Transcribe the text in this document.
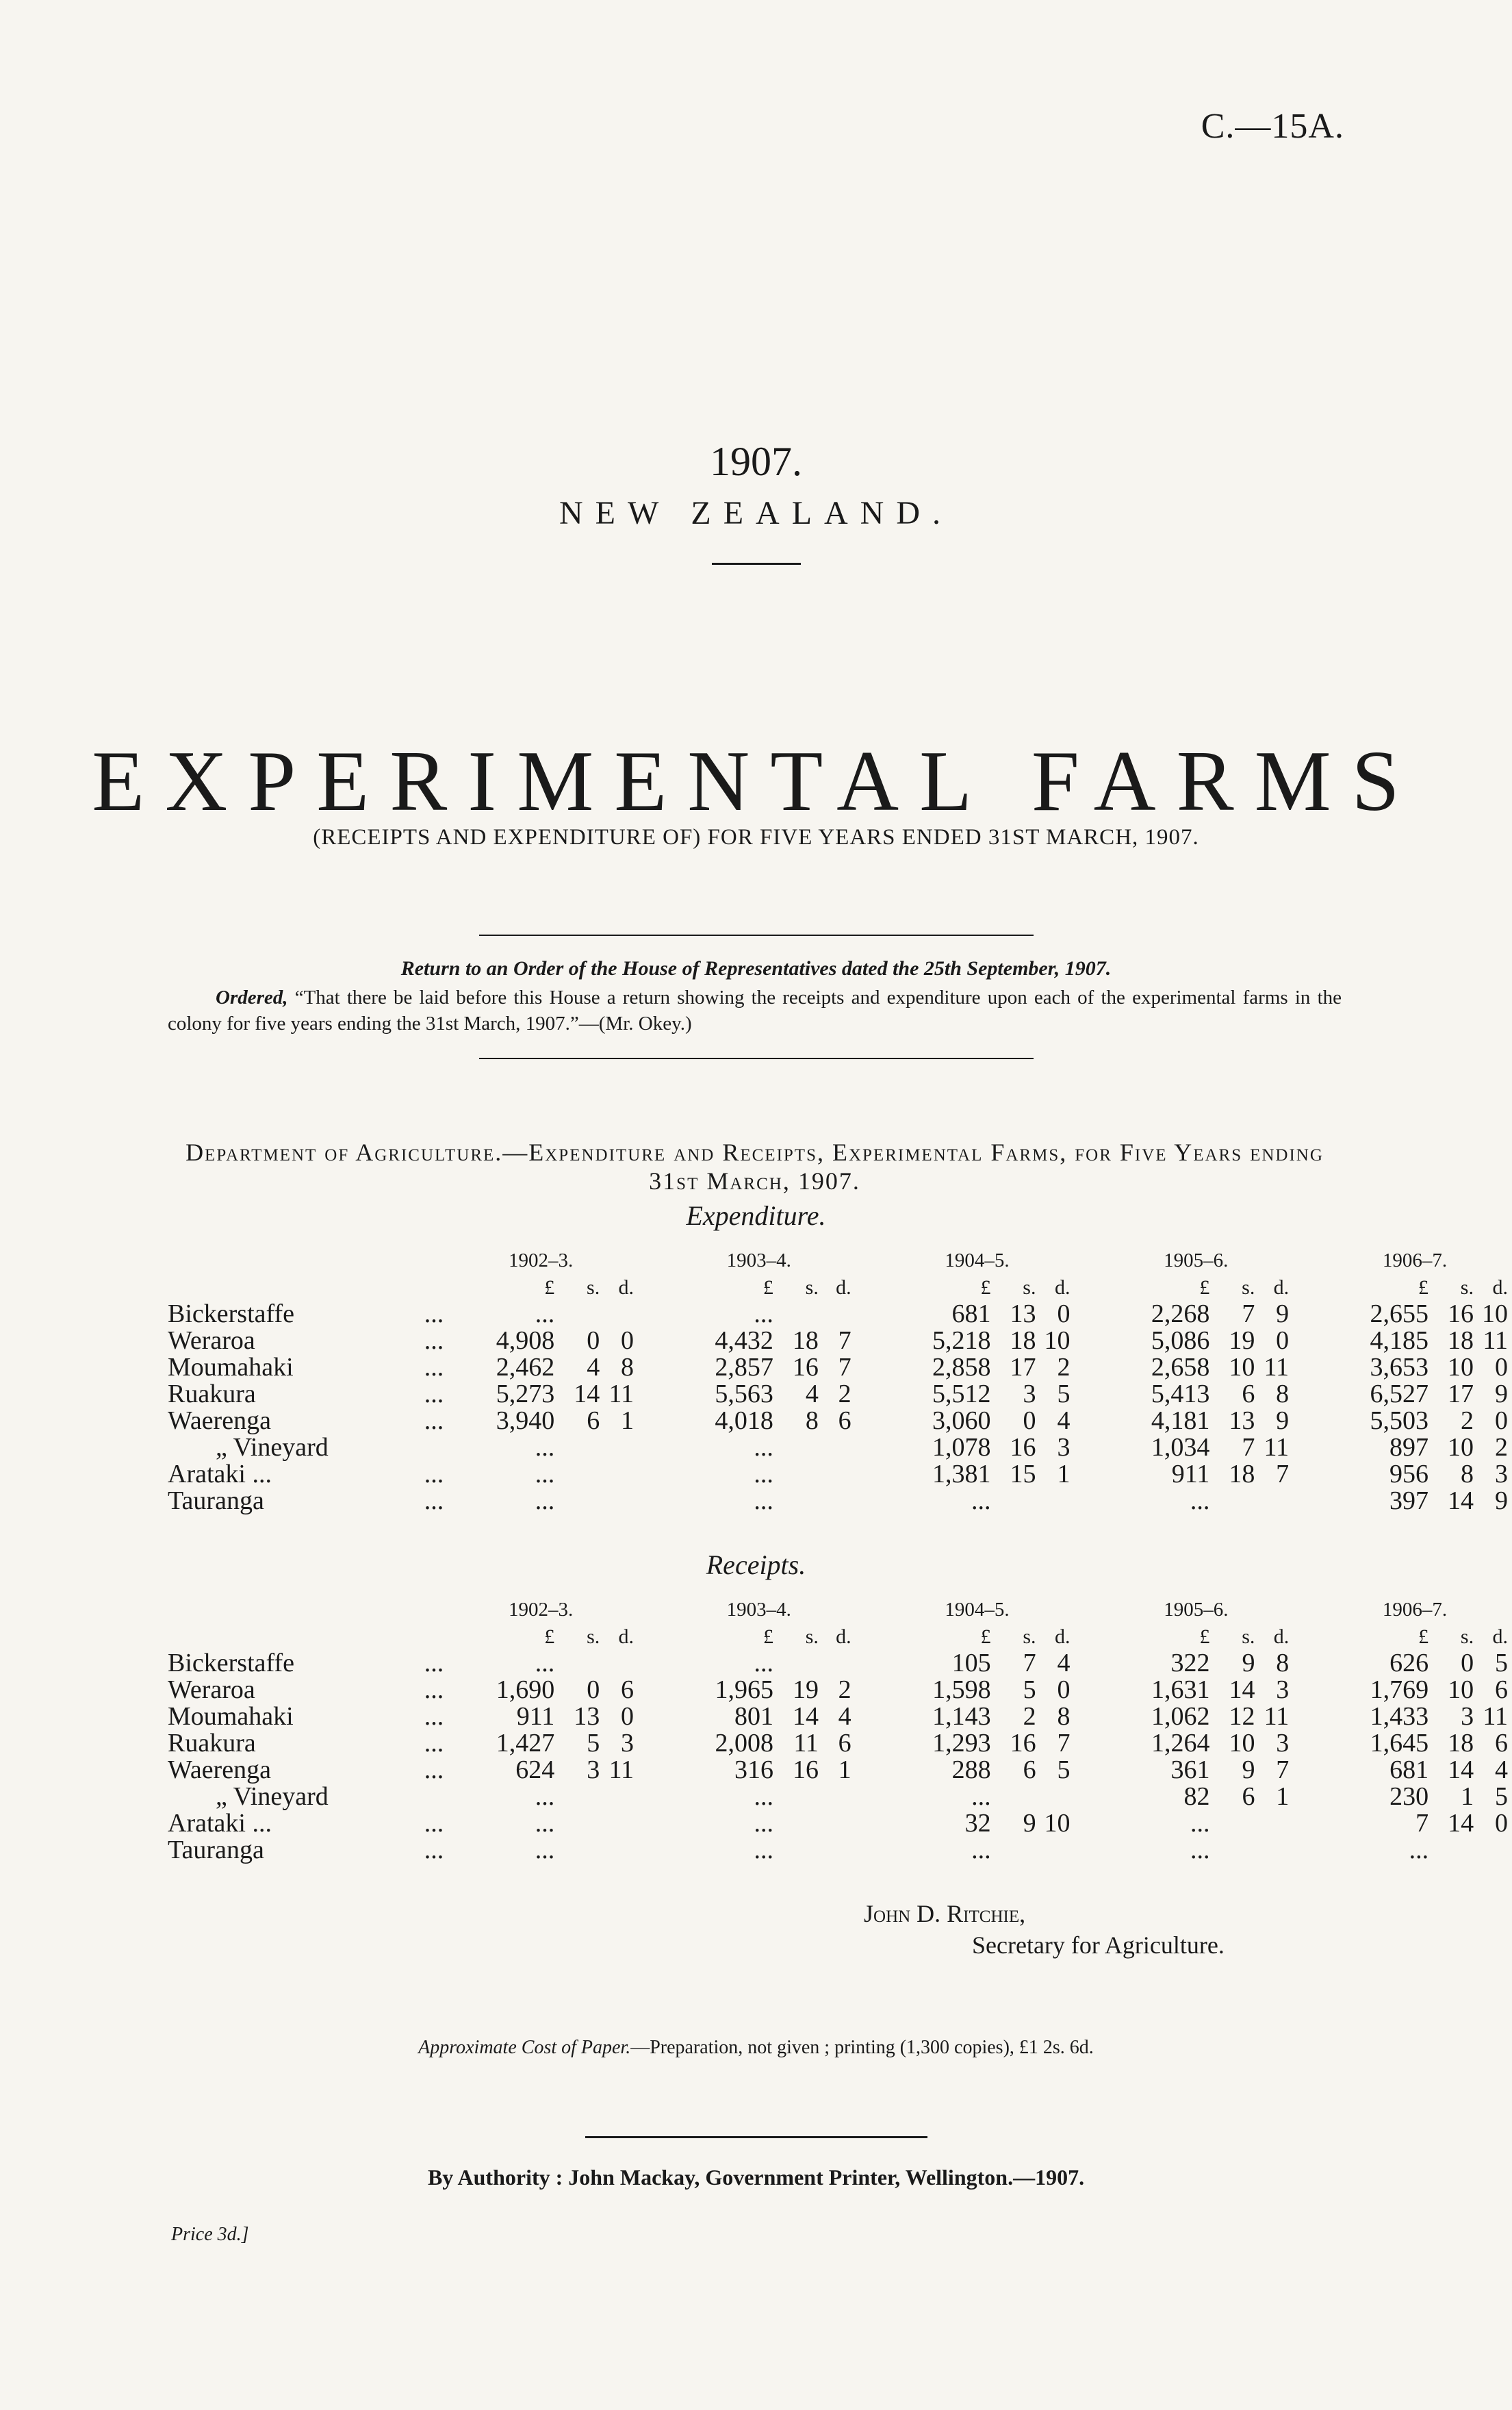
C.—15A.
1907.
NEW ZEALAND.
EXPERIMENTAL FARMS
(RECEIPTS AND EXPENDITURE OF) FOR FIVE YEARS ENDED 31ST MARCH, 1907.
Return to an Order of the House of Representatives dated the 25th September, 1907.
Ordered, “That there be laid before this House a return showing the receipts and expenditure upon each of the experimental farms in the colony for five years ending the 31st March, 1907.”—(Mr. Okey.)
Department of Agriculture.—Expenditure and Receipts, Experimental Farms, for Five Years ending 31st March, 1907.
Expenditure.
		1902–3.				1903–4.				1904–5.				1905–6.				1906–7.		
		£	s.	d.		£	s.	d.		£	s.	d.		£	s.	d.		£	s.	d.
Bickerstaffe	...	...				...				681	13	0		2,268	7	9		2,655	16	10
Weraroa	...	4,908	0	0		4,432	18	7		5,218	18	10		5,086	19	0		4,185	18	11
Moumahaki	...	2,462	4	8		2,857	16	7		2,858	17	2		2,658	10	11		3,653	10	0
Ruakura	...	5,273	14	11		5,563	4	2		5,512	3	5		5,413	6	8		6,527	17	9
Waerenga	...	3,940	6	1		4,018	8	6		3,060	0	4		4,181	13	9		5,503	2	0
„ Vineyard		...				...				1,078	16	3		1,034	7	11		897	10	2
Arataki ...	...	...				...				1,381	15	1		911	18	7		956	8	3
Tauranga	...	...				...				...				...				397	14	9
Receipts.
		1902–3.				1903–4.				1904–5.				1905–6.				1906–7.		
		£	s.	d.		£	s.	d.		£	s.	d.		£	s.	d.		£	s.	d.
Bickerstaffe	...	...				...				105	7	4		322	9	8		626	0	5
Weraroa	...	1,690	0	6		1,965	19	2		1,598	5	0		1,631	14	3		1,769	10	6
Moumahaki	...	911	13	0		801	14	4		1,143	2	8		1,062	12	11		1,433	3	11
Ruakura	...	1,427	5	3		2,008	11	6		1,293	16	7		1,264	10	3		1,645	18	6
Waerenga	...	624	3	11		316	16	1		288	6	5		361	9	7		681	14	4
„ Vineyard		...				...				...				82	6	1		230	1	5
Arataki ...	...	...				...				32	9	10		...				7	14	0
Tauranga	...	...				...				...				...				...		
John D. Ritchie,
Secretary for Agriculture.
Approximate Cost of Paper.—Preparation, not given ; printing (1,300 copies), £1 2s. 6d.
By Authority : John Mackay, Government Printer, Wellington.—1907.
Price 3d.]
